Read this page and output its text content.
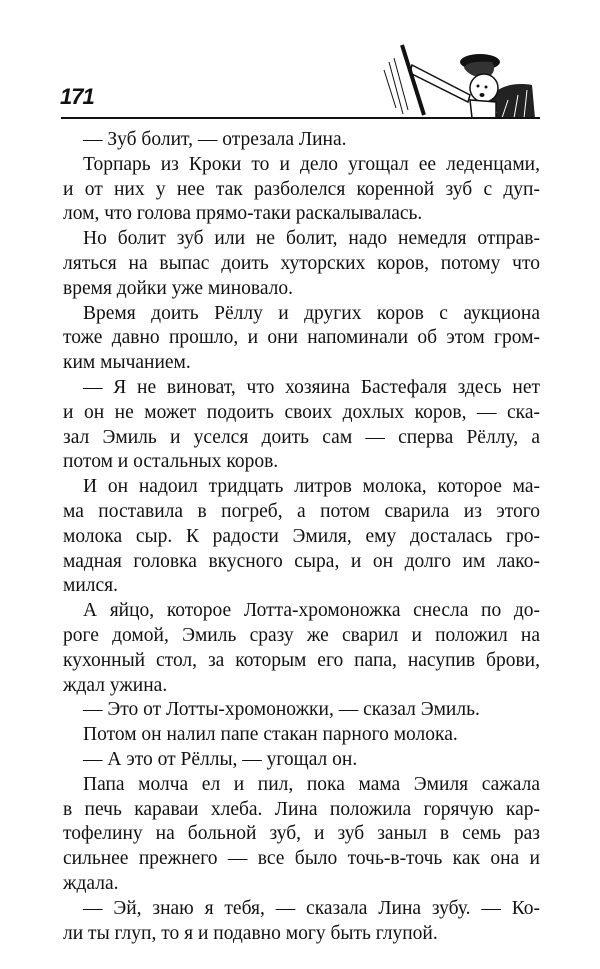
171
— Зуб болит, — отрезала Лина.
Торпарь из Кроки то и дело угощал ее леденцами,
и от них у нее так разболелся коренной зуб с дуп-
лом, что голова прямо-таки раскалывалась.
Но болит зуб или не болит, надо немедля отправ-
ляться на выпас доить хуторских коров, потому что
время дойки уже миновало.
Время доить Рёллу и других коров с аукциона
тоже давно прошло, и они напоминали об этом гром-
ким мычанием.
— Я не виноват, что хозяина Бастефаля здесь нет
и он не может подоить своих дохлых коров, — ска-
зал Эмиль и уселся доить сам — сперва Рёллу, а
потом и остальных коров.
И он надоил тридцать литров молока, которое ма-
ма поставила в погреб, а потом сварила из этого
молока сыр. К радости Эмиля, ему досталась гро-
мадная головка вкусного сыра, и он долго им лако-
мился.
А яйцо, которое Лотта-хромоножка снесла по до-
роге домой, Эмиль сразу же сварил и положил на
кухонный стол, за которым его папа, насупив брови,
ждал ужина.
— Это от Лотты-хромоножки, — сказал Эмиль.
Потом он налил папе стакан парного молока.
— А это от Рёллы, — угощал он.
Папа молча ел и пил, пока мама Эмиля сажала
в печь караваи хлеба. Лина положила горячую кар-
тофелину на больной зуб, и зуб заныл в семь раз
сильнее прежнего — все было точь-в-точь как она и
ждала.
— Эй, знаю я тебя, — сказала Лина зубу. — Ко-
ли ты глуп, то я и подавно могу быть глупой.
